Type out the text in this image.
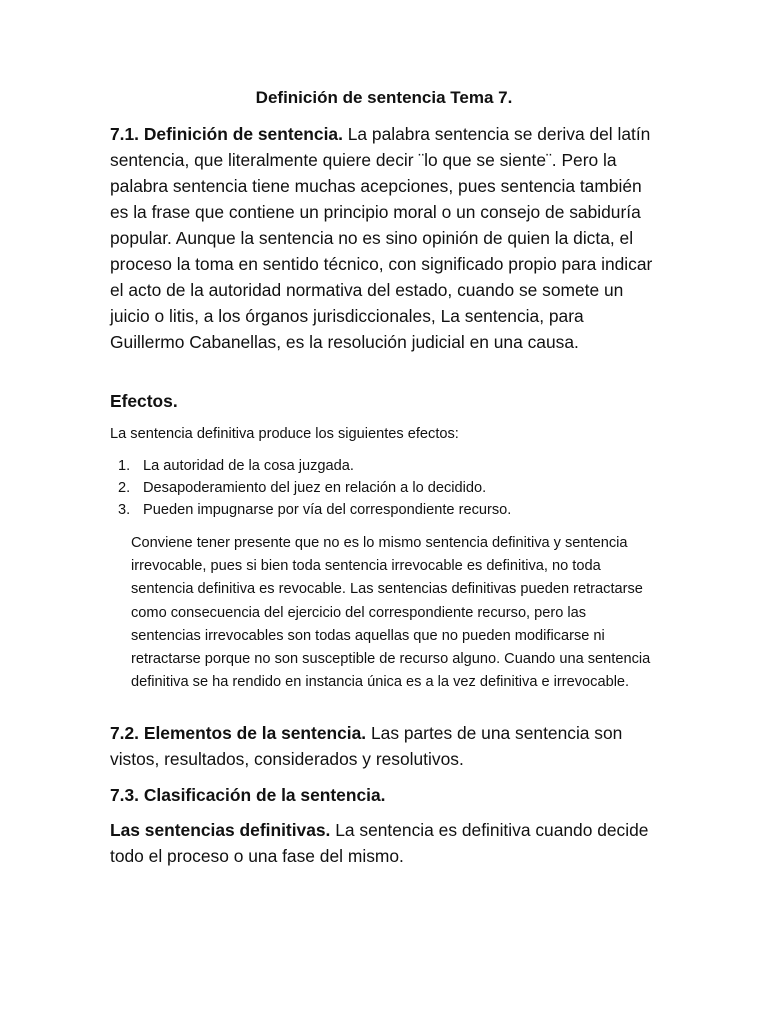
Definición de sentencia Tema 7.

7.1. Definición de sentencia. La palabra sentencia se deriva del latín sentencia, que literalmente quiere decir ¨lo que se siente¨. Pero la palabra sentencia tiene muchas acepciones, pues sentencia también es la frase que contiene un principio moral o un consejo de sabiduría popular. Aunque la sentencia no es sino opinión de quien la dicta, el proceso la toma en sentido técnico, con significado propio para indicar el acto de la autoridad normativa del estado, cuando se somete un juicio o litis, a los órganos jurisdiccionales, La sentencia, para Guillermo Cabanellas, es la resolución judicial en una causa.

Efectos.

La sentencia definitiva produce los siguientes efectos:

1. La autoridad de la cosa juzgada.
2. Desapoderamiento del juez en relación a lo decidido.
3. Pueden impugnarse por vía del correspondiente recurso.

Conviene tener presente que no es lo mismo sentencia definitiva y sentencia irrevocable, pues si bien toda sentencia irrevocable es definitiva, no toda sentencia definitiva es revocable. Las sentencias definitivas pueden retractarse como consecuencia del ejercicio del correspondiente recurso, pero las sentencias irrevocables son todas aquellas que no pueden modificarse ni retractarse porque no son susceptible de recurso alguno. Cuando una sentencia definitiva se ha rendido en instancia única es a la vez definitiva e irrevocable.

7.2. Elementos de la sentencia. Las partes de una sentencia son vistos, resultados, considerados y resolutivos.

7.3. Clasificación de la sentencia.

Las sentencias definitivas. La sentencia es definitiva cuando decide todo el proceso o una fase del mismo.
